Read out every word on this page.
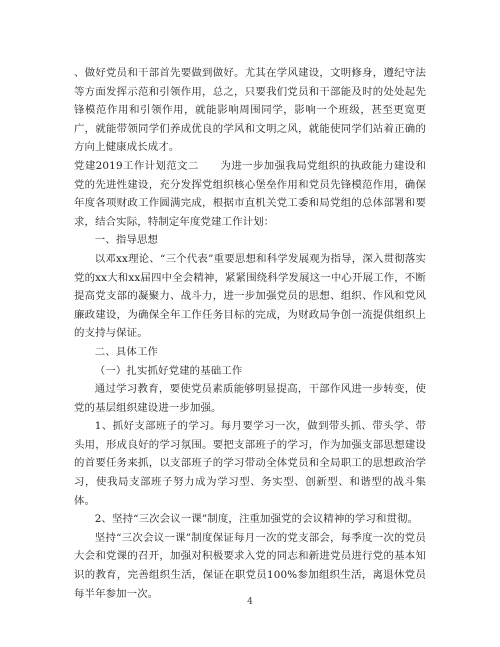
、做好党员和干部首先要做到做好。尤其在学风建设，文明修身，遵纪守法等方面发挥示范和引领作用，总之，只要我们党员和干部能及时的处处起先锋模范作用和引领作用，就能影响周围同学，影响一个班级，甚至更宽更广，就能带领同学们养成优良的学风和文明之风，就能使同学们站着正确的方向上健康成长成才。

党建2019工作计划范文二　　为进一步加强我局党组织的执政能力建设和党的先进性建设，充分发挥党组织核心堡垒作用和党员先锋模范作用，确保年度各项财政工作圆满完成，根据市直机关党工委和局党组的总体部署和要求，结合实际，特制定年度党建工作计划：

一、指导思想

以邓xx理论、“三个代表”重要思想和科学发展观为指导，深入贯彻落实党的xx大和xx届四中全会精神，紧紧围绕科学发展这一中心开展工作，不断提高党支部的凝聚力、战斗力，进一步加强党员的思想、组织、作风和党风廉政建设，为确保全年工作任务目标的完成，为财政局争创一流提供组织上的支持与保证。

二、具体工作

（一）扎实抓好党建的基础工作

通过学习教育，要使党员素质能够明显提高，干部作风进一步转变，使党的基层组织建设进一步加强。

1、抓好支部班子的学习。每月要学习一次，做到带头抓、带头学、带头用，形成良好的学习氛围。要把支部班子的学习，作为加强支部思想建设的首要任务来抓，以支部班子的学习带动全体党员和全局职工的思想政治学习，使我局支部班子努力成为学习型、务实型、创新型、和谐型的战斗集体。

2、坚持“三次会议一课”制度，注重加强党的会议精神的学习和贯彻。

坚持“三次会议一课”制度保证每月一次的党支部会，每季度一次的党员大会和党课的召开，加强对积极要求入党的同志和新进党员进行党的基本知识的教育，完善组织生活，保证在职党员100%参加组织生活，离退休党员每半年参加一次。

4
